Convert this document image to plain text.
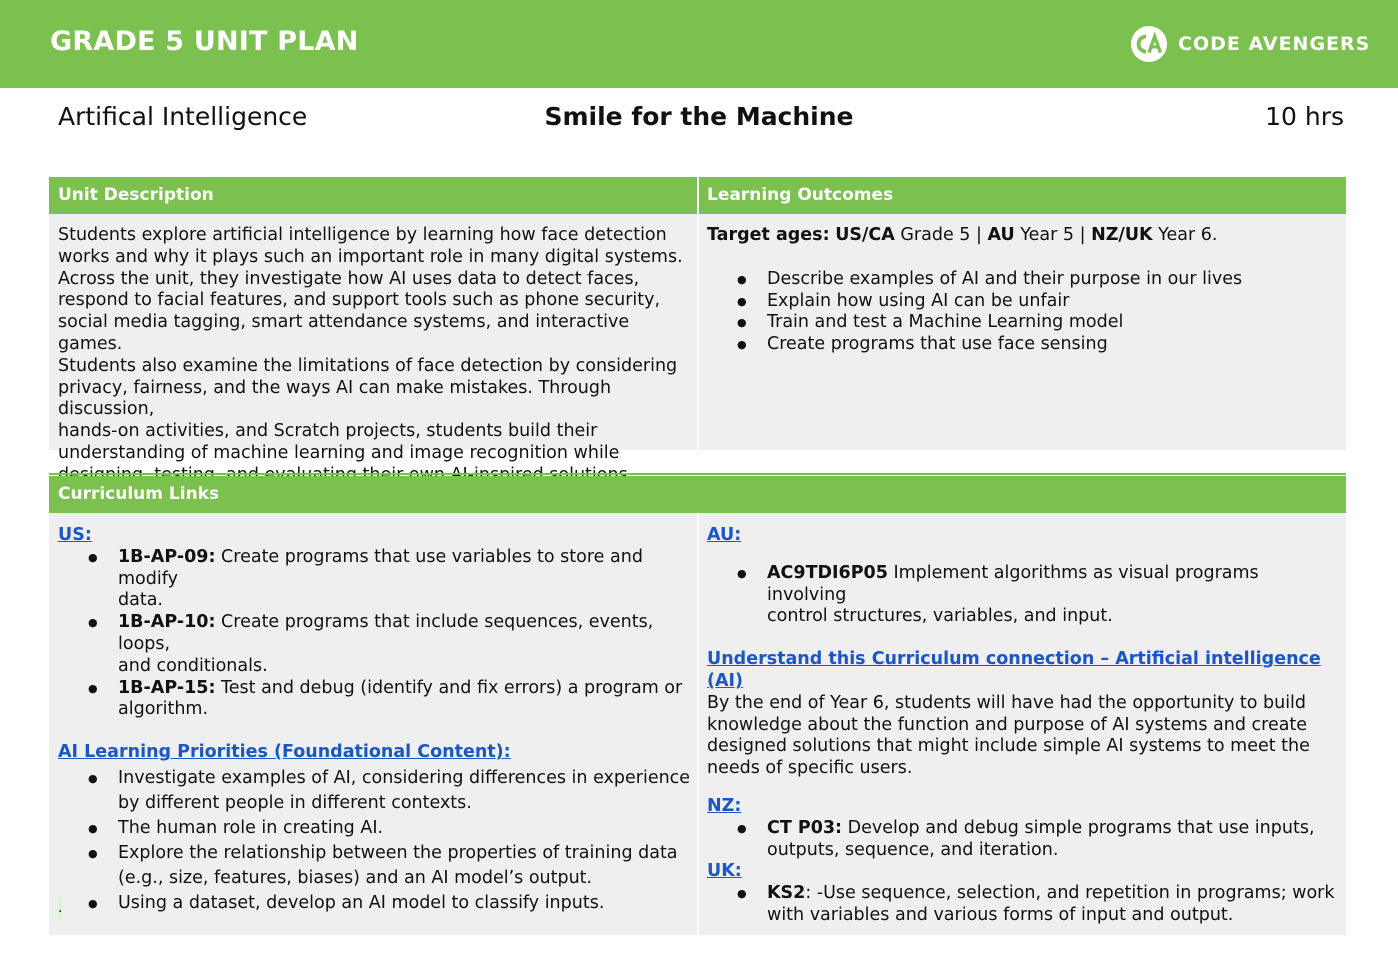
GRADE 5 UNIT PLAN	CODE AVENGERS
Artifical Intelligence	Smile for the Machine	10 hrs
Unit Description	Learning Outcomes
Students explore artificial intelligence by learning how face detection
works and why it plays such an important role in many digital systems.
Across the unit, they investigate how AI uses data to detect faces,
respond to facial features, and support tools such as phone security,
social media tagging, smart attendance systems, and interactive games.
Students also examine the limitations of face detection by considering
privacy, fairness, and the ways AI can make mistakes. Through discussion,
hands-on activities, and Scratch projects, students build their
understanding of machine learning and image recognition while
Target ages: US/CA Grade 5 | AU Year 5 | NZ/UK Year 6.
● Describe examples of AI and their purpose in our lives
● Explain how using AI can be unfair
● Train and test a Machine Learning model
● Create programs that use face sensing
Curriculum Links
US:
● 1B-AP-09: Create programs that use variables to store and modify
data.
● 1B-AP-10: Create programs that include sequences, events, loops,
and conditionals.
● 1B-AP-15: Test and debug (identify and fix errors) a program or
algorithm.
AI Learning Priorities (Foundational Content):
● Investigate examples of AI, considering differences in experience
by different people in different contexts.
● The human role in creating AI.
● Explore the relationship between the properties of training data
(e.g., size, features, biases) and an AI model’s output.
● Using a dataset, develop an AI model to classify inputs.
.
AU:
● AC9TDI6P05 Implement algorithms as visual programs involving
control structures, variables, and input.
Understand this Curriculum connection – Artificial intelligence (AI)
By the end of Year 6, students will have had the opportunity to build
knowledge about the function and purpose of AI systems and create
designed solutions that might include simple AI systems to meet the
needs of specific users.
NZ:
● CT P03: Develop and debug simple programs that use inputs,
outputs, sequence, and iteration.
UK:
● KS2: -Use sequence, selection, and repetition in programs; work
with variables and various forms of input and output.
